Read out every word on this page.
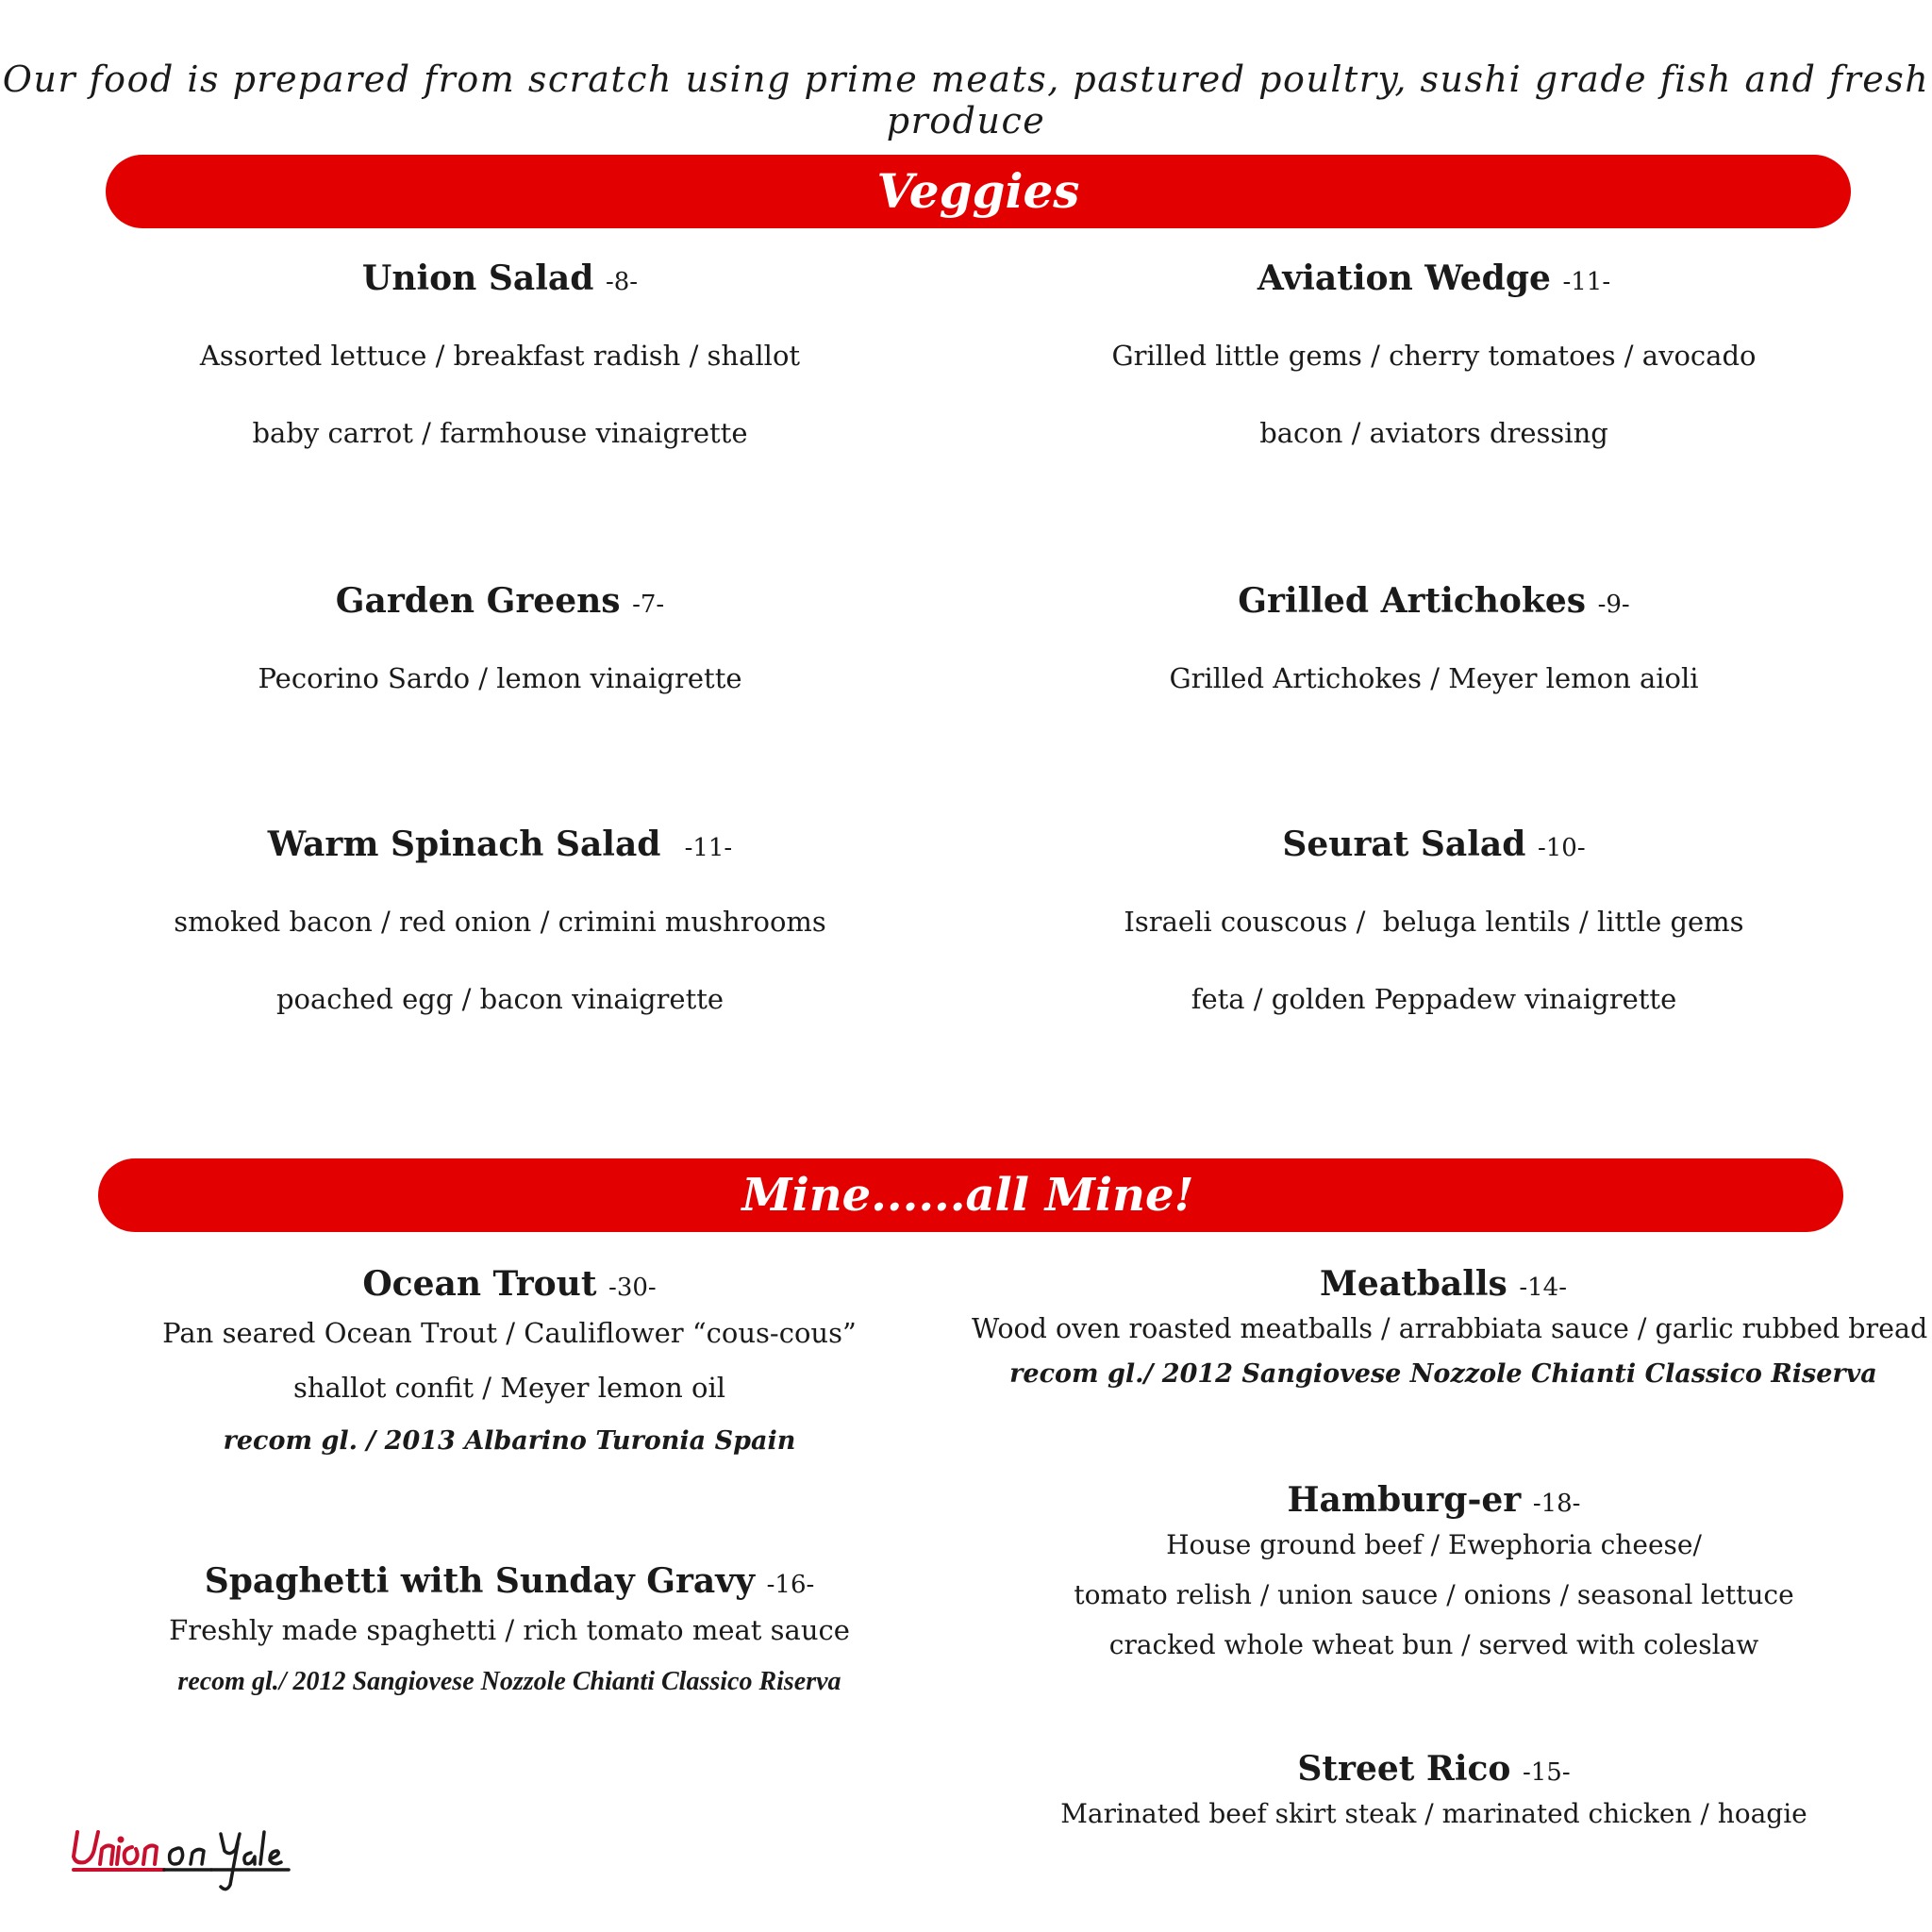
Our food is prepared from scratch using prime meats, pastured poultry, sushi grade fish and fresh produce
Veggies
Union Salad -8-
Assorted lettuce / breakfast radish / shallot
baby carrot / farmhouse vinaigrette
Aviation Wedge -11-
Grilled little gems / cherry tomatoes / avocado
bacon / aviators dressing
Garden Greens -7-
Pecorino Sardo / lemon vinaigrette
Grilled Artichokes -9-
Grilled Artichokes / Meyer lemon aioli
Warm Spinach Salad -11-
smoked bacon / red onion / crimini mushrooms
poached egg / bacon vinaigrette
Seurat Salad -10-
Israeli couscous /  beluga lentils / little gems
feta / golden Peppadew vinaigrette
Mine......all Mine!
Ocean Trout -30-
Pan seared Ocean Trout / Cauliflower “cous-cous”
shallot confit / Meyer lemon oil
recom gl. / 2013 Albarino Turonia Spain
Meatballs -14-
Wood oven roasted meatballs / arrabbiata sauce / garlic rubbed bread
recom gl./ 2012 Sangiovese Nozzole Chianti Classico Riserva
Spaghetti with Sunday Gravy -16-
Freshly made spaghetti / rich tomato meat sauce
recom gl./ 2012 Sangiovese Nozzole Chianti Classico Riserva
Hamburg-er -18-
House ground beef / Ewephoria cheese/
tomato relish / union sauce / onions / seasonal lettuce
cracked whole wheat bun / served with coleslaw
Street Rico -15-
Marinated beef skirt steak / marinated chicken / hoagie
Union On Yale
